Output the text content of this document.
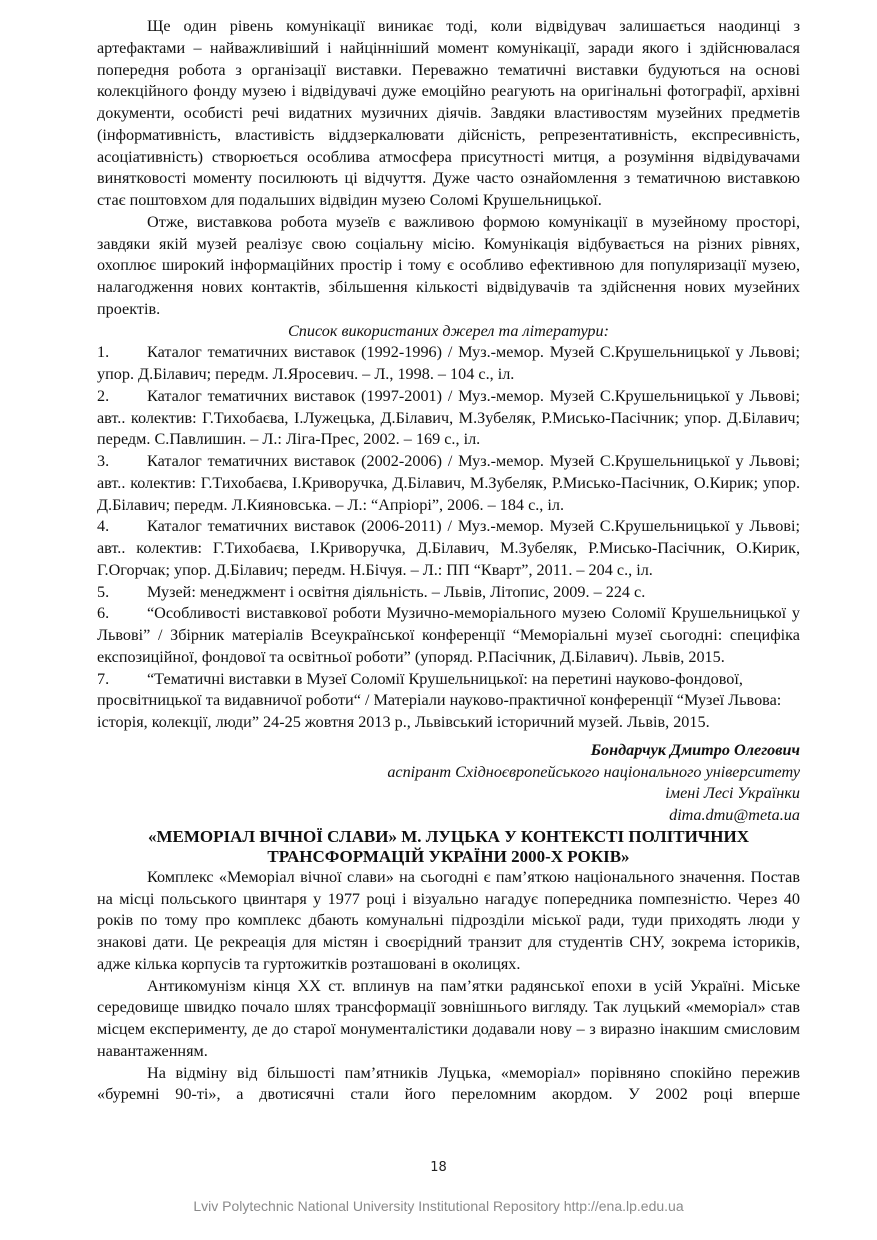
Ще один рівень комунікації виникає тоді, коли відвідувач залишається наодинці з артефактами – найважливіший і найцінніший момент комунікації, заради якого і здійснювалася попередня робота з організації виставки. Переважно тематичні виставки будуються на основі колекційного фонду музею і відвідувачі дуже емоційно реагують на оригінальні фотографії, архівні документи, особисті речі видатних музичних діячів. Завдяки властивостям музейних предметів (інформативність, властивість віддзеркалювати дійсність, репрезентативність, експресивність, асоціативність) створюється особлива атмосфера присутності митця, а розуміння відвідувачами винятковості моменту посилюють ці відчуття. Дуже часто ознайомлення з тематичною виставкою стає поштовхом для подальших відвідин музею Соломі Крушельницької.

Отже, виставкова робота музеїв є важливою формою комунікації в музейному просторі, завдяки якій музей реалізує свою соціальну місію. Комунікація відбувається на різних рівнях, охоплює широкий інформаційних простір і тому є особливо ефективною для популяризації музею, налагодження нових контактів, збільшення кількості відвідувачів та здійснення нових музейних проектів.

Список використаних джерел та літератури:

1. Каталог тематичних виставок (1992-1996) / Муз.-мемор. Музей С.Крушельницької у Львові; упор. Д.Білавич; передм. Л.Яросевич. – Л., 1998. – 104 с., іл.
2. Каталог тематичних виставок (1997-2001) / Муз.-мемор. Музей С.Крушельницької у Львові; авт.. колектив: Г.Тихобаєва, І.Лужецька, Д.Білавич, М.Зубеляк, Р.Мисько-Пасічник; упор. Д.Білавич; передм. С.Павлишин. – Л.: Ліга-Прес, 2002. – 169 с., іл.
3. Каталог тематичних виставок (2002-2006) / Муз.-мемор. Музей С.Крушельницької у Львові; авт.. колектив: Г.Тихобаєва, І.Криворучка, Д.Білавич, М.Зубеляк, Р.Мисько-Пасічник, О.Кирик; упор. Д.Білавич; передм. Л.Кияновська. – Л.: “Апріорі”, 2006. – 184 с., іл.
4. Каталог тематичних виставок (2006-2011) / Муз.-мемор. Музей С.Крушельницької у Львові; авт.. колектив: Г.Тихобаєва, І.Криворучка, Д.Білавич, М.Зубеляк, Р.Мисько-Пасічник, О.Кирик, Г.Огорчак; упор. Д.Білавич; передм. Н.Бічуя. – Л.: ПП “Кварт”, 2011. – 204 с., іл.
5. Музей: менеджмент і освітня діяльність. – Львів, Літопис, 2009. – 224 с.
6. “Особливості виставкової роботи Музично-меморіального музею Соломії Крушельницької у Львові” / Збірник матеріалів Всеукраїнської конференції “Меморіальні музеї сьогодні: специфіка експозиційної, фондової та освітньої роботи” (упоряд. Р.Пасічник, Д.Білавич). Львів, 2015.
7. “Тематичні виставки в Музеї Соломії Крушельницької: на перетині науково-фондової, просвітницької та видавничої роботи“ / Матеріали науково-практичної конференції “Музеї Львова: історія, колекції, люди” 24-25 жовтня 2013 р., Львівський історичний музей. Львів, 2015.
Бондарчук Дмитро Олегович
аспірант Східноєвропейського національного університету
імені Лесі Українки
dima.dmu@meta.ua
«МЕМОРІАЛ ВІЧНОЇ СЛАВИ» М. ЛУЦЬКА У КОНТЕКСТІ ПОЛІТИЧНИХ
ТРАНСФОРМАЦІЙ УКРАЇНИ 2000-Х РОКІВ»

Комплекс «Меморіал вічної слави» на сьогодні є пам’яткою національного значення. Постав на місці польського цвинтаря у 1977 році і візуально нагадує попередника помпезністю. Через 40 років по тому про комплекс дбають комунальні підрозділи міської ради, туди приходять люди у знакові дати. Це рекреація для містян і своєрідний транзит для студентів СНУ, зокрема істориків, адже кілька корпусів та гуртожитків розташовані в околицях.

Антикомунізм кінця XX ст. вплинув на пам’ятки радянської епохи в усій Україні. Міське середовище швидко почало шлях трансформації зовнішнього вигляду. Так луцький «меморіал» став місцем експерименту, де до старої монументалістики додавали нову – з виразно інакшим смисловим навантаженням.

На відміну від більшості пам’ятників Луцька, «меморіал» порівняно спокійно пережив «буремні 90-ті», а двотисячні стали його переломним акордом. У 2002 році вперше

18
Lviv Polytechnic National University Institutional Repository http://ena.lp.edu.ua
